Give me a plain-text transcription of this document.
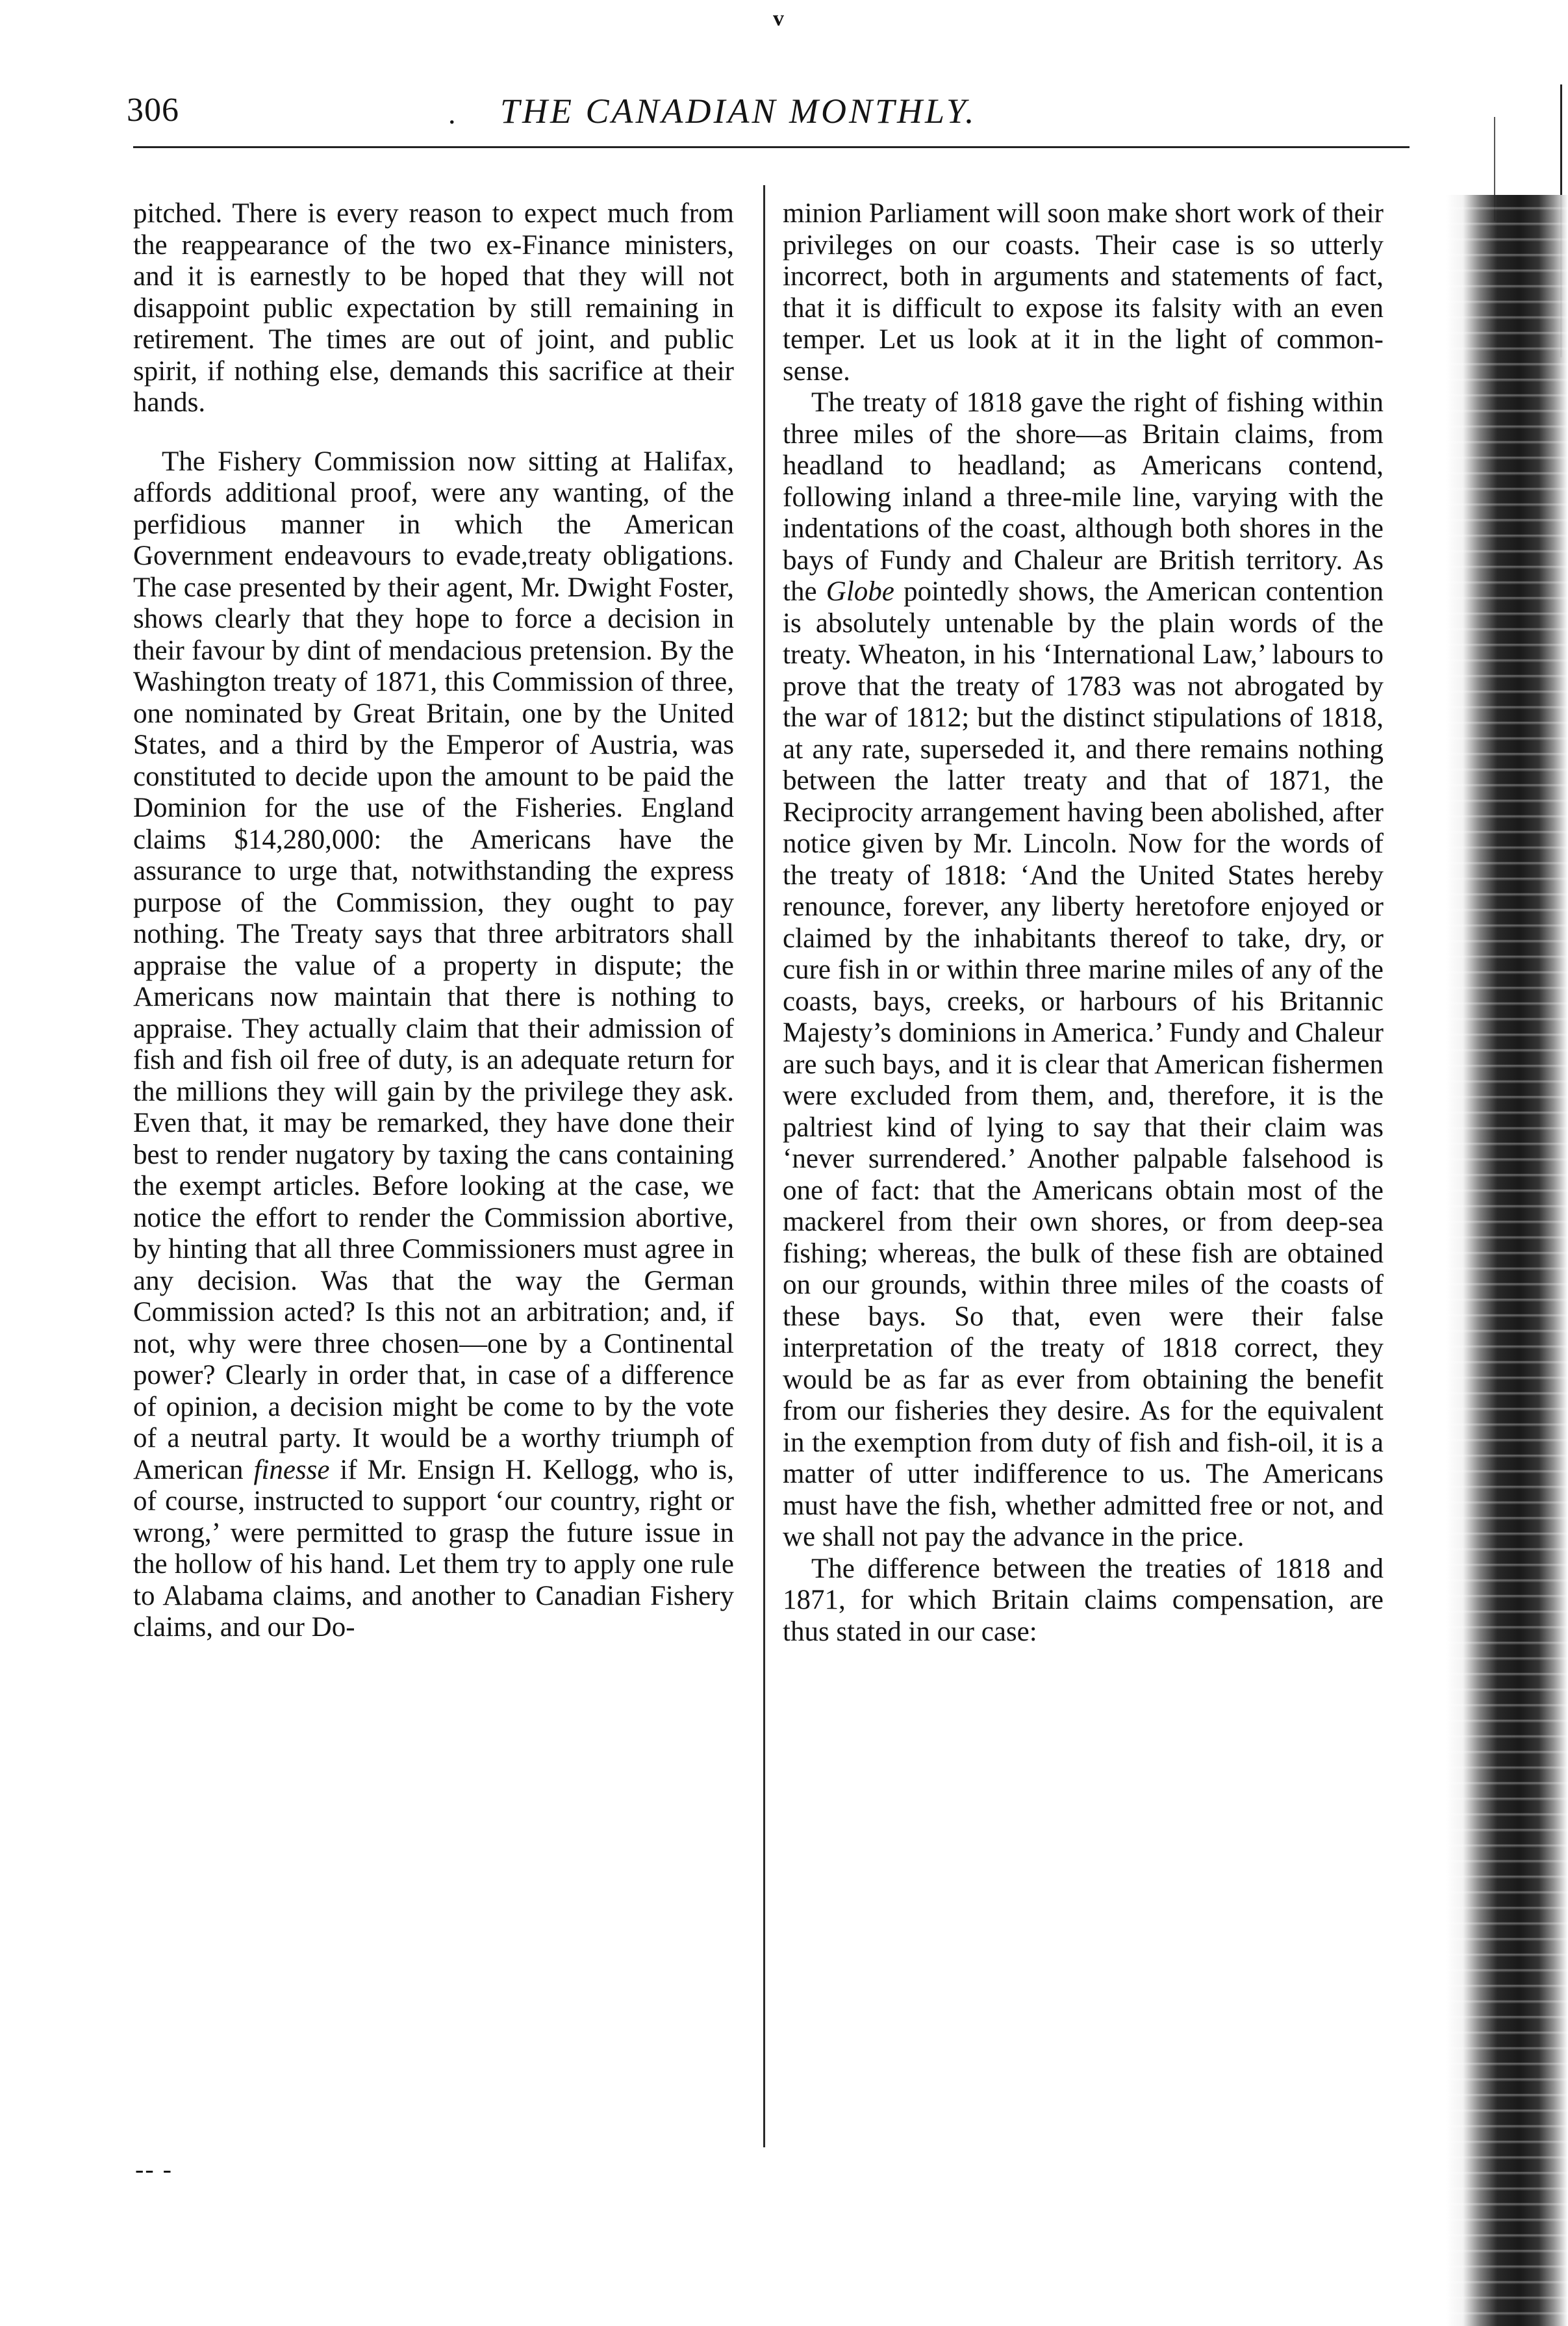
v
306	. THE CANADIAN MONTHLY.

pitched. There is every reason to expect much from the reappearance of the two ex-Finance ministers, and it is earnestly to be hoped that they will not disappoint public expectation by still remaining in retirement. The times are out of joint, and public spirit, if nothing else, demands this sacrifice at their hands.

The Fishery Commission now sitting at Halifax, affords additional proof, were any wanting, of the perfidious manner in which the American Government endeavours to evade,treaty obligations. The case presented by their agent, Mr. Dwight Foster, shows clearly that they hope to force a decision in their favour by dint of mendacious pretension. By the Washington treaty of 1871, this Commission of three, one nominated by Great Britain, one by the United States, and a third by the Emperor of Austria, was constituted to decide upon the amount to be paid the Dominion for the use of the Fisheries. England claims $14,280,000: the Americans have the assurance to urge that, notwithstanding the express purpose of the Commission, they ought to pay nothing. The Treaty says that three arbitrators shall appraise the value of a property in dispute; the Americans now maintain that there is nothing to appraise. They actually claim that their admission of fish and fish oil free of duty, is an adequate return for the millions they will gain by the privilege they ask. Even that, it may be remarked, they have done their best to render nugatory by taxing the cans containing the exempt articles. Before looking at the case, we notice the effort to render the Commission abortive, by hinting that all three Commissioners must agree in any decision. Was that the way the German Commission acted? Is this not an arbitration; and, if not, why were three chosen—one by a Continental power? Clearly in order that, in case of a difference of opinion, a decision might be come to by the vote of a neutral party. It would be a worthy triumph of American finesse if Mr. Ensign H. Kellogg, who is, of course, instructed to support ‘our country, right or wrong,’ were permitted to grasp the future issue in the hollow of his hand. Let them try to apply one rule to Alabama claims, and another to Canadian Fishery claims, and our Do-

minion Parliament will soon make short work of their privileges on our coasts. Their case is so utterly incorrect, both in arguments and statements of fact, that it is difficult to expose its falsity with an even temper. Let us look at it in the light of common-sense.

The treaty of 1818 gave the right of fishing within three miles of the shore—as Britain claims, from headland to headland; as Americans contend, following inland a three-mile line, varying with the indentations of the coast, although both shores in the bays of Fundy and Chaleur are British territory. As the Globe pointedly shows, the American contention is absolutely untenable by the plain words of the treaty. Wheaton, in his ‘International Law,’ labours to prove that the treaty of 1783 was not abrogated by the war of 1812; but the distinct stipulations of 1818, at any rate, superseded it, and there remains nothing between the latter treaty and that of 1871, the Reciprocity arrangement having been abolished, after notice given by Mr. Lincoln. Now for the words of the treaty of 1818: ‘And the United States hereby renounce, forever, any liberty heretofore enjoyed or claimed by the inhabitants thereof to take, dry, or cure fish in or within three marine miles of any of the coasts, bays, creeks, or harbours of his Britannic Majesty’s dominions in America.’ Fundy and Chaleur are such bays, and it is clear that American fishermen were excluded from them, and, therefore, it is the paltriest kind of lying to say that their claim was ‘never surrendered.’ Another palpable falsehood is one of fact: that the Americans obtain most of the mackerel from their own shores, or from deep-sea fishing; whereas, the bulk of these fish are obtained on our grounds, within three miles of the coasts of these bays. So that, even were their false interpretation of the treaty of 1818 correct, they would be as far as ever from obtaining the benefit from our fisheries they desire. As for the equivalent in the exemption from duty of fish and fish-oil, it is a matter of utter indifference to us. The Americans must have the fish, whether admitted free or not, and we shall not pay the advance in the price.

The difference between the treaties of 1818 and 1871, for which Britain claims compensation, are thus stated in our case:

-- -
